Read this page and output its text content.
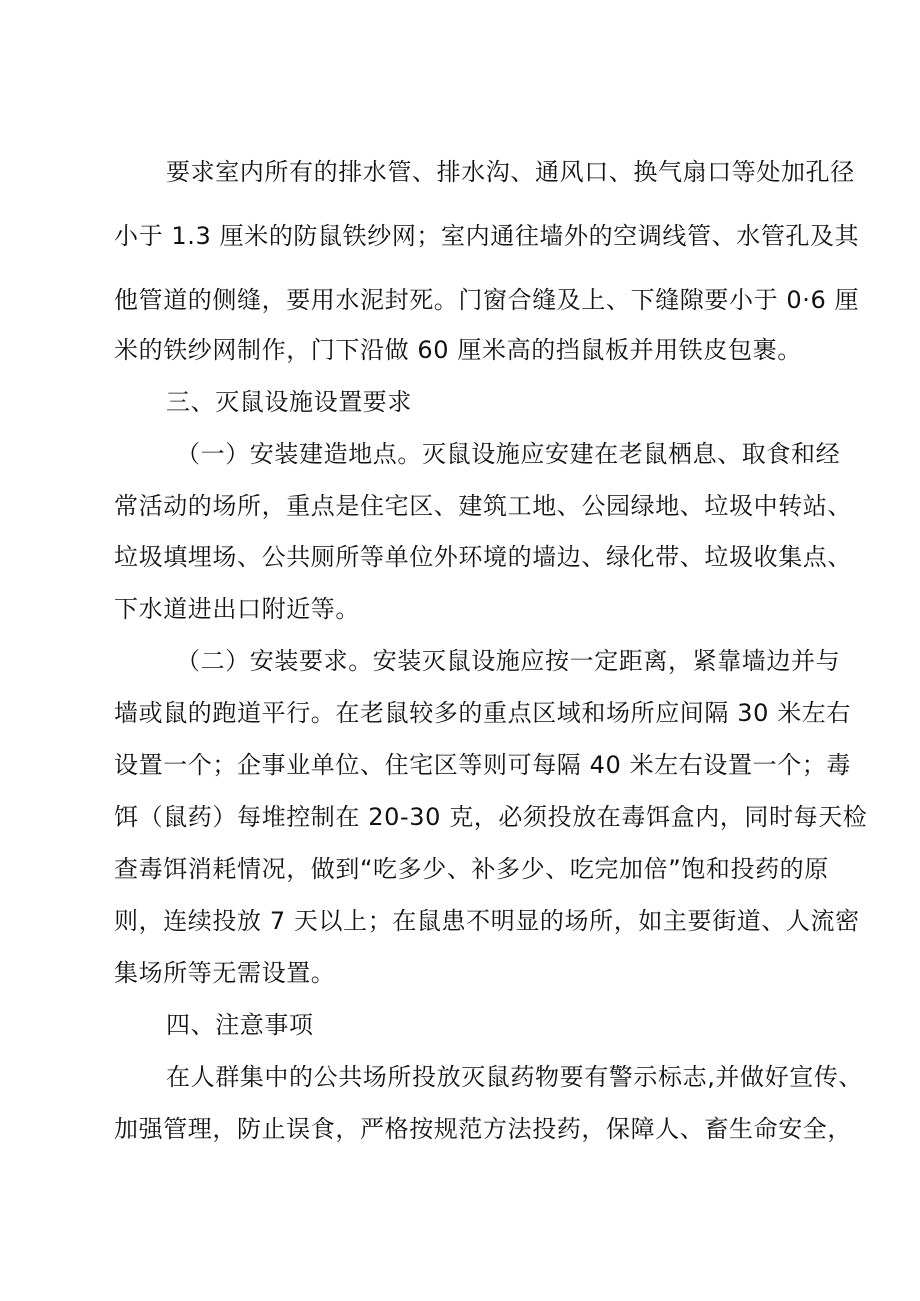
要求室内所有的排水管、排水沟、通风口、换气扇口等处加孔径
小于 1.3 厘米的防鼠铁纱网；室内通往墙外的空调线管、水管孔及其
他管道的侧缝，要用水泥封死。门窗合缝及上、下缝隙要小于 0·6 厘
米的铁纱网制作，门下沿做 60 厘米高的挡鼠板并用铁皮包裹。
三、灭鼠设施设置要求
（一）安装建造地点。灭鼠设施应安建在老鼠栖息、取食和经
常活动的场所，重点是住宅区、建筑工地、公园绿地、垃圾中转站、
垃圾填埋场、公共厕所等单位外环境的墙边、绿化带、垃圾收集点、
下水道进出口附近等。
（二）安装要求。安装灭鼠设施应按一定距离，紧靠墙边并与
墙或鼠的跑道平行。在老鼠较多的重点区域和场所应间隔 30 米左右
设置一个；企事业单位、住宅区等则可每隔 40 米左右设置一个；毒
饵（鼠药）每堆控制在 20-30 克，必须投放在毒饵盒内，同时每天检
查毒饵消耗情况，做到“吃多少、补多少、吃完加倍”饱和投药的原
则，连续投放 7 天以上；在鼠患不明显的场所，如主要街道、人流密
集场所等无需设置。
四、注意事项
在人群集中的公共场所投放灭鼠药物要有警示标志,并做好宣传、
加强管理，防止误食，严格按规范方法投药，保障人、畜生命安全，
